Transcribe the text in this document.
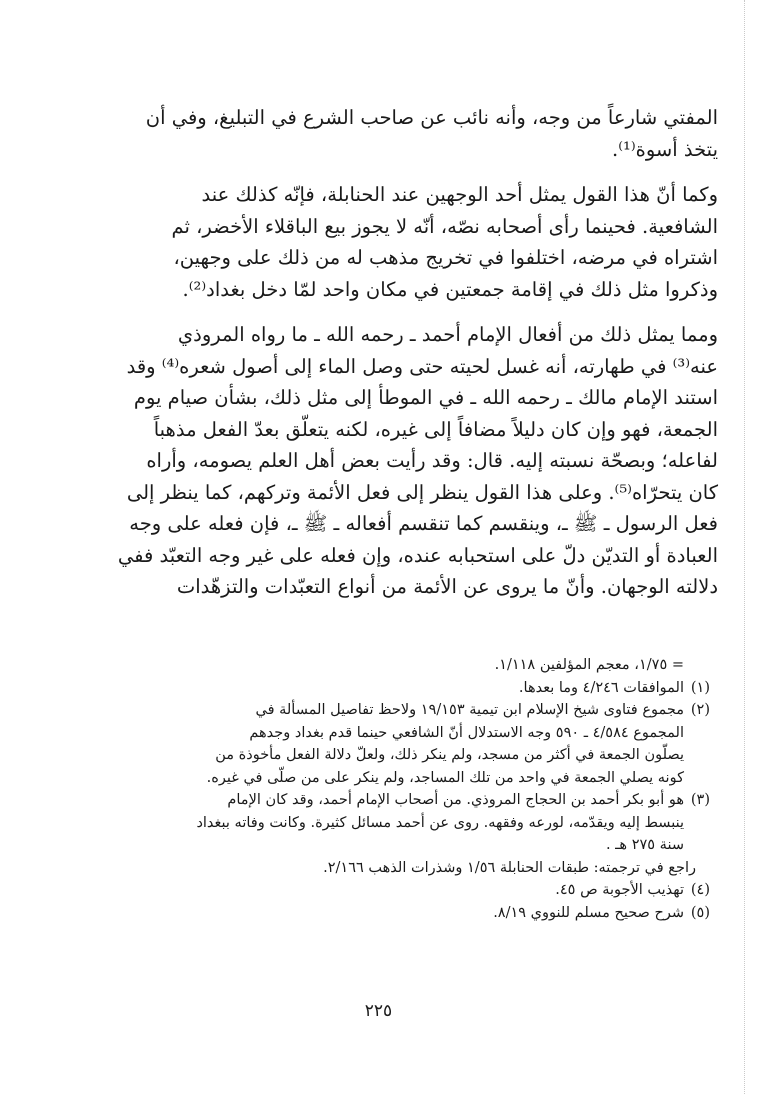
المفتي شارعاً من وجه، وأنه نائب عن صاحب الشرع في التبليغ، وفي أن
يتخذ أسوة⁽¹⁾.

وكما أنّ هذا القول يمثل أحد الوجهين عند الحنابلة، فإنّه كذلك عند
الشافعية. فحينما رأى أصحابه نصّه، أنّه لا يجوز بيع الباقلاء الأخضر، ثم
اشتراه في مرضه، اختلفوا في تخريج مذهب له من ذلك على وجهين،
وذكروا مثل ذلك في إقامة جمعتين في مكان واحد لمّا دخل بغداد⁽²⁾.

ومما يمثل ذلك من أفعال الإمام أحمد ـ رحمه الله ـ ما رواه المروذي
عنه⁽³⁾ في طهارته، أنه غسل لحيته حتى وصل الماء إلى أصول شعره⁽⁴⁾ وقد
استند الإمام مالك ـ رحمه الله ـ في الموطأ إلى مثل ذلك، بشأن صيام يوم
الجمعة، فهو وإن كان دليلاً مضافاً إلى غيره، لكنه يتعلّق بعدّ الفعل مذهباً
لفاعله؛ وبصحّة نسبته إليه. قال: وقد رأيت بعض أهل العلم يصومه، وأراه
كان يتحرّاه⁽⁵⁾. وعلى هذا القول ينظر إلى فعل الأئمة وتركهم، كما ينظر إلى
فعل الرسول ـ ﷺ ـ، وينقسم كما تنقسم أفعاله ـ ﷺ ـ، فإن فعله على وجه
العبادة أو التديّن دلّ على استحبابه عنده، وإن فعله على غير وجه التعبّد ففي
دلالته الوجهان. وأنّ ما يروى عن الأئمة من أنواع التعبّدات والتزهّدات

= ١/٧٥، معجم المؤلفين ١/١١٨.

(١)الموافقات ٤/٢٤٦ وما بعدها.

(٢)مجموع فتاوى شيخ الإسلام ابن تيمية ١٩/١٥٣ ولاحظ تفاصيل المسألة في
المجموع ٤/٥٨٤ ـ ٥٩٠ وجه الاستدلال أنّ الشافعي حينما قدم بغداد وجدهم
يصلّون الجمعة في أكثر من مسجد، ولم ينكر ذلك، ولعلّ دلالة الفعل مأخوذة من
كونه يصلي الجمعة في واحد من تلك المساجد، ولم ينكر على من صلّى في غيره.

(٣)هو أبو بكر أحمد بن الحجاج المروذي. من أصحاب الإمام أحمد، وقد كان الإمام
ينبسط إليه ويقدّمه، لورعه وفقهه. روى عن أحمد مسائل كثيرة. وكانت وفاته ببغداد
سنة ٢٧٥ هـ .
راجع في ترجمته: طبقات الحنابلة ١/٥٦ وشذرات الذهب ٢/١٦٦.

(٤)تهذيب الأجوبة ص ٤٥.

(٥)شرح صحيح مسلم للنووي ٨/١٩.

٢٢٥
